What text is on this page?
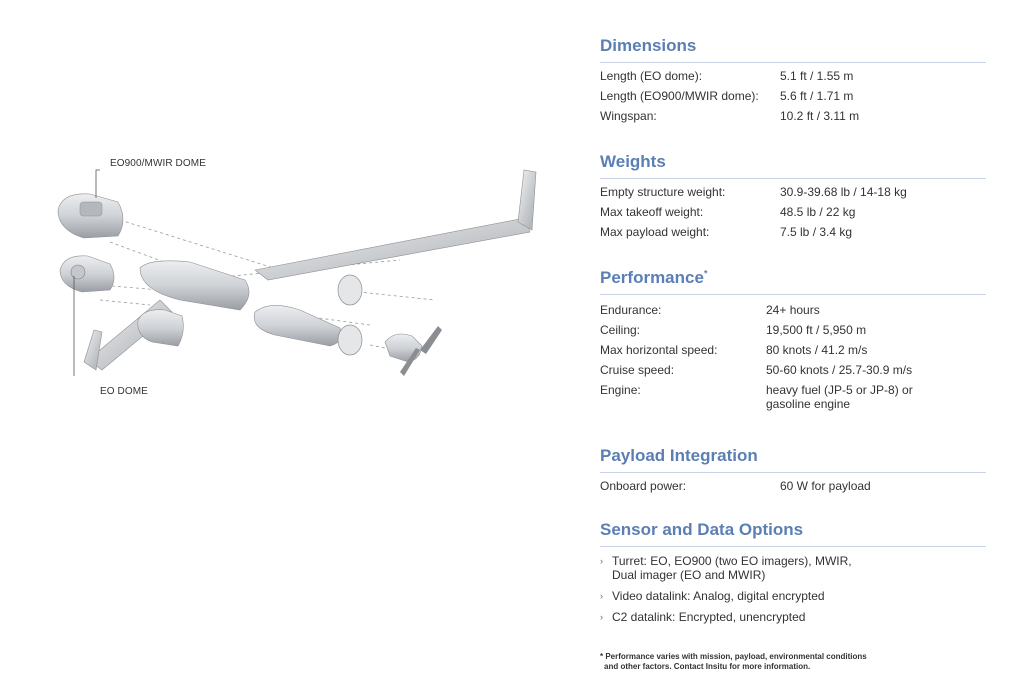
EO900/MWIR DOME
EO DOME
Dimensions
Length (EO dome):	5.1 ft / 1.55 m
Length (EO900/MWIR dome): 5.6 ft / 1.71 m
Wingspan:	10.2 ft / 3.11 m
Weights
Empty structure weight:	30.9-39.68 lb / 14-18 kg
Max takeoff weight:	48.5 lb / 22 kg
Max payload weight:	7.5 lb / 3.4 kg
Performance*
Endurance:	24+ hours
Ceiling:	19,500 ft / 5,950 m
Max horizontal speed:	80 knots / 41.2 m/s
Cruise speed:	50-60 knots / 25.7-30.9 m/s
Engine:	heavy fuel (JP-5 or JP-8) or
gasoline engine
Payload Integration
Onboard power:	60 W for payload
Sensor and Data Options
› Turret: EO, EO900 (two EO imagers), MWIR,
Dual imager (EO and MWIR)
› Video datalink: Analog, digital encrypted
› C2 datalink: Encrypted, unencrypted
* Performance varies with mission, payload, environmental conditions
and other factors. Contact Insitu for more information.
